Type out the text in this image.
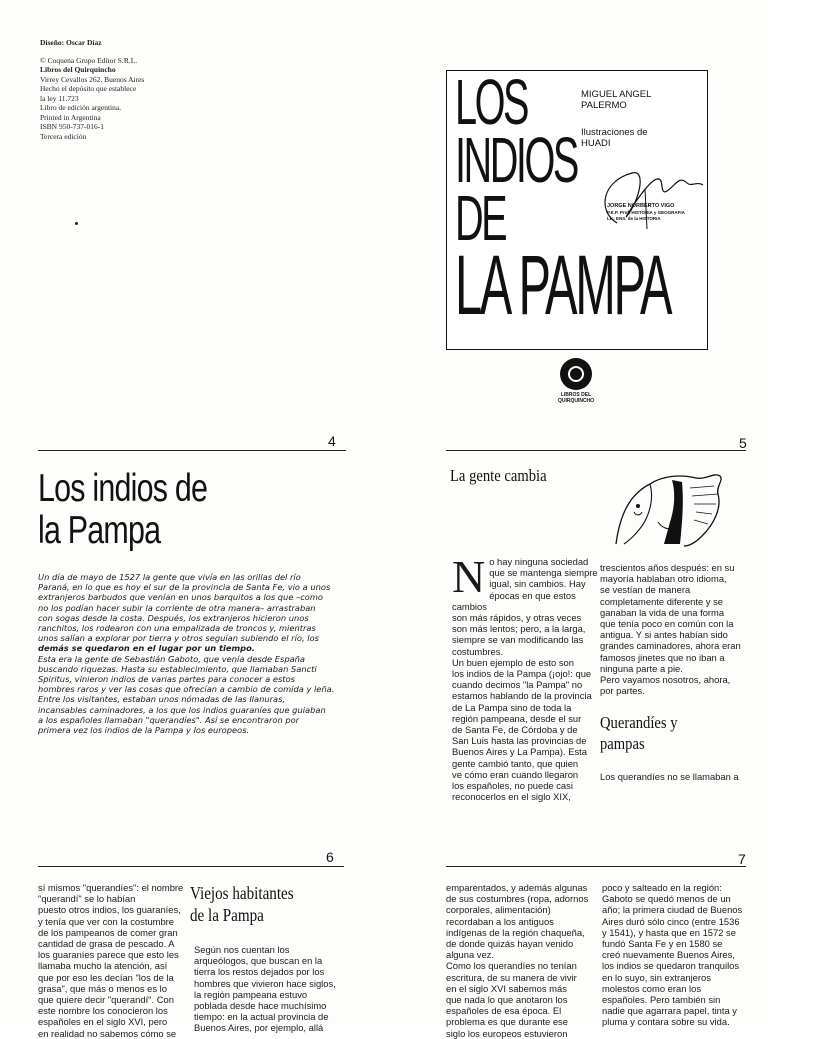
Diseño: Oscar Díaz
© Coquena Grupo Editor S.R.L.
Libros del Quirquincho
Virrey Cevallos 262, Buenos Aires
Hecho el depósito que establece
la ley 11.723
Libro de edición argentina.
Printed in Argentina
ISBN 950-737-016-1
Tercera edición	LOS
INDIOS
DE
LA PAMPA
MIGUEL ANGEL
PALERMO
Ilustraciones de
HUADI
JORGE NORBERTO VIGO
P.E.P. Prof. HISTORIA y GEOGRAFIA
Lic. ENS. de la HISTORIA
LIBROS DEL
QUIRQUINCHO
4
Los indios de
la Pampa
Un día de mayo de 1527 la gente que vivía en las orillas del río
Paraná, en lo que es hoy el sur de la provincia de Santa Fe, vio a unos
extranjeros barbudos que venían en unos barquitos a los que –como
no los podían hacer subir la corriente de otra manera– arrastraban
con sogas desde la costa. Después, los extranjeros hicieron unos
ranchitos, los rodearon con una empalizada de troncos y, mientras
unos salían a explorar por tierra y otros seguían subiendo el río, los
demás se quedaron en el lugar por un tiempo.
Esta era la gente de Sebastián Gaboto, que venía desde España
buscando riquezas. Hasta su establecimiento, que llamaban Sancti
Spiritus, vinieron indios de varias partes para conocer a estos
hombres raros y ver las cosas que ofrecían a cambio de comida y leña.
Entre los visitantes, estaban unos nómadas de las llanuras,
incansables caminadores, a los que los indios guaraníes que guiaban
a los españoles llamaban "querandíes". Así se encontraron por
primera vez los indios de la Pampa y los europeos.
5
La gente cambia
N o hay ninguna sociedad
que se mantenga siempre
igual, sin cambios. Hay
épocas en que estos cambios
son más rápidos, y otras veces
son más lentos; pero, a la larga,
siempre se van modificando las
costumbres.
Un buen ejemplo de esto son
los indios de la Pampa (¡ojo!: que
cuando decimos "la Pampa" no
estamos hablando de la provincia
de La Pampa sino de toda la
región pampeana, desde el sur
de Santa Fe, de Córdoba y de
San Luis hasta las provincias de
Buenos Aires y La Pampa). Esta
gente cambió tanto, que quien
ve cómo eran cuando llegaron
los españoles, no puede casi
reconocerlos en el siglo XIX,
trescientos años después: en su
mayoría hablaban otro idioma,
se vestían de manera
completamente diferente y se
ganaban la vida de una forma
que tenía poco en común con la
antigua. Y si antes habían sido
grandes caminadores, ahora eran
famosos jinetes que no iban a
ninguna parte a pie.
Pero vayamos nosotros, ahora,
por partes.
Querandíes y
pampas
Los querandíes no se llamaban a
6
sí mismos "querandíes": el nombre
"querandí" se lo habían
puesto otros indios, los guaraníes,
y tenía que ver con la costumbre
de los pampeanos de comer gran
cantidad de grasa de pescado. A
los guaraníes parece que esto les
llamaba mucho la atención, así
que por eso les decían "los de la
grasa", que más o menos es lo
que quiere decir "querandí". Con
este nombre los conocieron los
españoles en el siglo XVI, pero
en realidad no sabemos cómo se
Viejos habitantes
de la Pampa
Según nos cuentan los
arqueólogos, que buscan en la
tierra los restos dejados por los
hombres que vivieron hace siglos,
la región pampeana estuvo
poblada desde hace muchísimo
tiempo: en la actual provincia de
Buenos Aires, por ejemplo, allá
7
emparentados, y además algunas
de sus costumbres (ropa, adornos
corporales, alimentación)
recordaban a los antiguos
indígenas de la región chaqueña,
de donde quizás hayan venido
alguna vez.
Como los querandíes no tenían
escritura, de su manera de vivir
en el siglo XVI sabemos más
que nada lo que anotaron los
españoles de esa época. El
problema es que durante ese
siglo los europeos estuvieron
poco y salteado en la región:
Gaboto se quedó menos de un
año; la primera ciudad de Buenos
Aires duró sólo cinco (entre 1536
y 1541), y hasta que en 1572 se
fundó Santa Fe y en 1580 se
creó nuevamente Buenos Aires,
los indios se quedaron tranquilos
en lo suyo, sin extranjeros
molestos como eran los
españoles. Pero también sin
nadie que agarrara papel, tinta y
pluma y contara sobre su vida.
